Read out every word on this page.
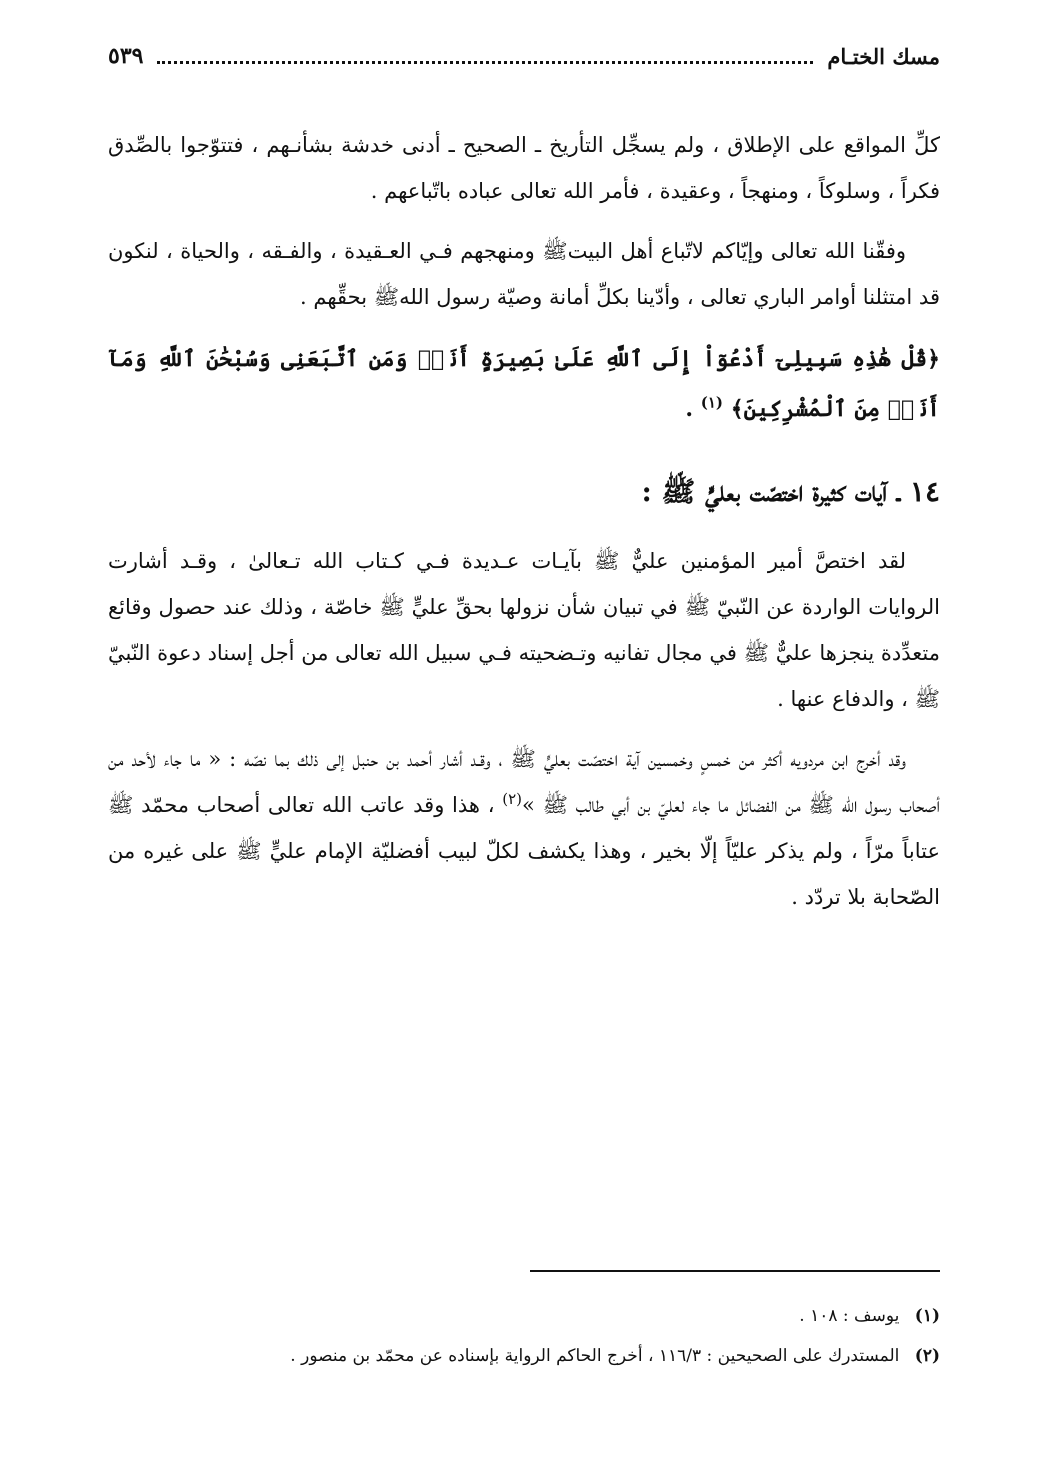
مسك الختـام
٥٣٩

كلِّ المواقع على الإطلاق ، ولم يسجِّل التأريخ ـ الصحيح ـ أدنى خدشة بشأنـهم ، فتتوّجوا بالصِّدق فكراً ، وسلوكاً ، ومنهجاً ، وعقيدة ، فأمر الله تعالى عباده باتّباعهم .

وفقّنا الله تعالى وإيّاكم لاتّباع أهل البيتﷺ ومنهجهم فـي العـقيدة ، والفـقه ، والحياة ، لنكون قد امتثلنا أوامر الباري تعالى ، وأدّينا بكلِّ أمانة وصيّة رسول اللهﷺ بحقِّهم .

﴿قُلْ هَٰذِهِ سَبِيلِىٓ أَدْعُوٓاْ إِلَى ٱللَّهِ عَلَىٰ بَصِيرَةٍ أَنَا۠ وَمَنِ ٱتَّبَعَنِى وَسُبْحَٰنَ ٱللَّهِ وَمَآ أَنَا۠ مِنَ ٱلْمُشْرِكِينَ﴾ $^{(١)}$ .
١٤ ـ آيات كثيرة اختصّت بعليٍّ ﷺ :

لقد اختصَّ أمير المؤمنين عليٌّ ﷺ بآيـات عـديدة فـي كـتاب الله تـعالىٰ ، وقـد أشارت الروايات الواردة عن النّبيّ ﷺ في تبيان شأن نزولها بحقِّ عليٍّ ﷺ خاصّة ، وذلك عند حصول وقائع متعدِّدة ينجزها عليٌّ ﷺ في مجال تفانيه وتـضحيته فـي سبيل الله تعالى من أجل إسناد دعوة النّبيّ ﷺ ، والدفاع عنها .

وقد أخرج ابن مردويه أكثر من خمسٍ وخمسين آية اختصّت بعليٍّ ﷺ ، وقـد أشار أحمد بن حنبل إلى ذلك بما نصّه : « ما جاء لأحد من أصحاب رسول الله ﷺ من الفضائل ما جاء لعليّ بن أبي طالب ﷺ »$^{(٢)}$ ، هذا وقد عاتب الله تعالى أصحاب محمّد ﷺ عتاباً مرّاً ، ولم يذكر عليّاً إلّا بخير ، وهذا يكشف لكلّ لبيب أفضليّة الإمام عليٍّ ﷺ على غيره من الصّحابة بلا تردّد .

(١) يوسف : ١٠٨ .
(٢) المستدرك على الصحيحين : ١١٦/٣ ، أخرج الحاكم الرواية بإسناده عن محمّد بن منصور .
